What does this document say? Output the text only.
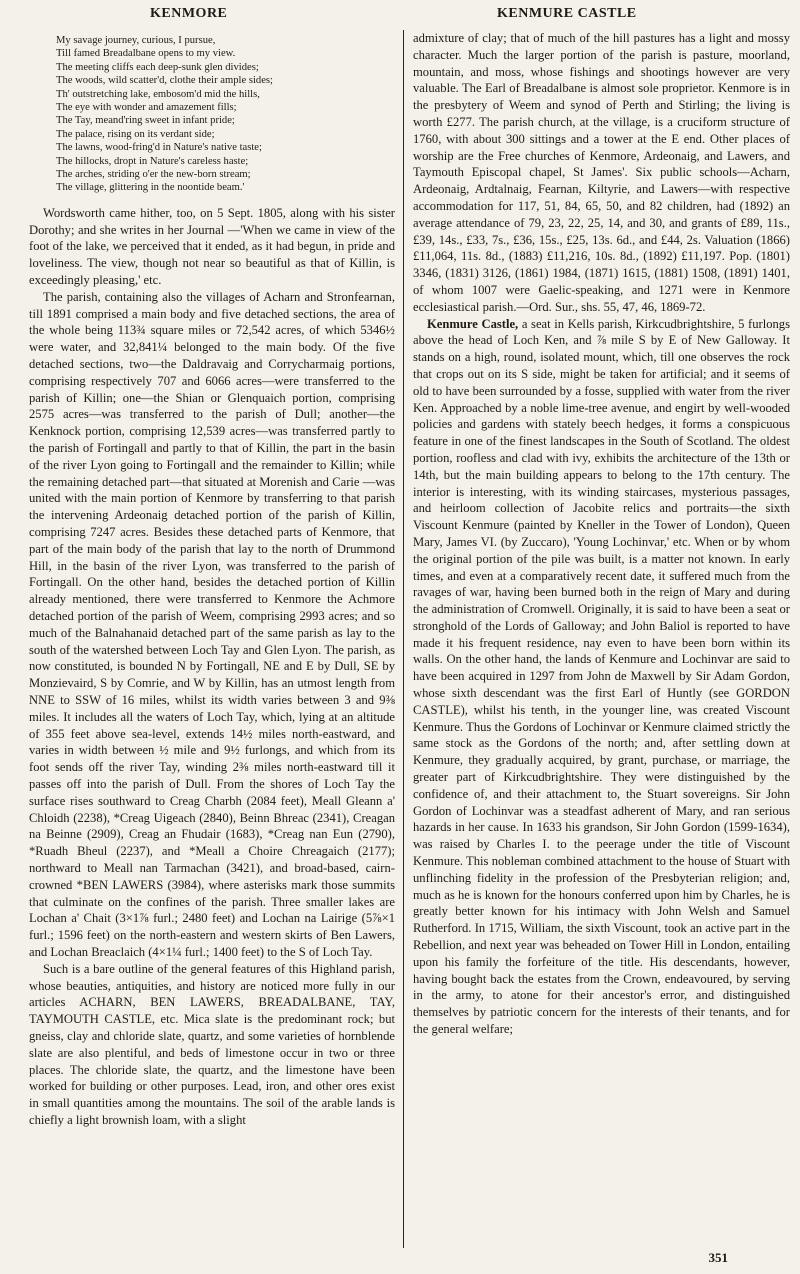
KENMORE	KENMURE CASTLE
My savage journey, curious, I pursue,
Till famed Breadalbane opens to my view.
The meeting cliffs each deep-sunk glen divides;
The woods, wild scatter'd, clothe their ample sides;
Th' outstretching lake, embosom'd mid the hills,
The eye with wonder and amazement fills;
The Tay, meand'ring sweet in infant pride;
The palace, rising on its verdant side;
The lawns, wood-fring'd in Nature's native taste;
The hillocks, dropt in Nature's careless haste;
The arches, striding o'er the new-born stream;
The village, glittering in the noontide beam.'

Wordsworth came hither, too, on 5 Sept. 1805, along with his sister Dorothy; and she writes in her Journal —'When we came in view of the foot of the lake, we perceived that it ended, as it had begun, in pride and loveliness. The view, though not near so beautiful as that of Killin, is exceedingly pleasing,' etc.

The parish, containing also the villages of Acharn and Stronfearnan, till 1891 comprised a main body and five detached sections, the area of the whole being 113¾ square miles or 72,542 acres, of which 5346½ were water, and 32,841¼ belonged to the main body. Of the five detached sections, two—the Daldravaig and Corrycharmaig portions, comprising respectively 707 and 6066 acres—were transferred to the parish of Killin; one—the Shian or Glenquaich portion, comprising 2575 acres—was transferred to the parish of Dull; another—the Kenknock portion, comprising 12,539 acres—was transferred partly to the parish of Fortingall and partly to that of Killin, the part in the basin of the river Lyon going to Fortingall and the remainder to Killin; while the remaining detached part—that situated at Morenish and Carie —was united with the main portion of Kenmore by transferring to that parish the intervening Ardeonaig detached portion of the parish of Killin, comprising 7247 acres. Besides these detached parts of Kenmore, that part of the main body of the parish that lay to the north of Drummond Hill, in the basin of the river Lyon, was transferred to the parish of Fortingall. On the other hand, besides the detached portion of Killin already mentioned, there were transferred to Kenmore the Achmore detached portion of the parish of Weem, comprising 2993 acres; and so much of the Balnahanaid detached part of the same parish as lay to the south of the watershed between Loch Tay and Glen Lyon. The parish, as now constituted, is bounded N by Fortingall, NE and E by Dull, SE by Monzievaird, S by Comrie, and W by Killin, has an utmost length from NNE to SSW of 16 miles, whilst its width varies between 3 and 9⅜ miles. It includes all the waters of Loch Tay, which, lying at an altitude of 355 feet above sea-level, extends 14½ miles north-eastward, and varies in width between ½ mile and 9½ furlongs, and which from its foot sends off the river Tay, winding 2⅜ miles north-eastward till it passes off into the parish of Dull. From the shores of Loch Tay the surface rises southward to Creag Charbh (2084 feet), Meall Gleann a' Chloidh (2238), *Creag Uigeach (2840), Beinn Bhreac (2341), Creagan na Beinne (2909), Creag an Fhudair (1683), *Creag nan Eun (2790), *Ruadh Bheul (2237), and *Meall a Choire Chreagaich (2177); northward to Meall nan Tarmachan (3421), and broad-based, cairn-crowned *BEN LAWERS (3984), where asterisks mark those summits that culminate on the confines of the parish. Three smaller lakes are Lochan a' Chait (3×1⅞ furl.; 2480 feet) and Lochan na Lairige (5⅞×1 furl.; 1596 feet) on the north-eastern and western skirts of Ben Lawers, and Lochan Breaclaich (4×1¼ furl.; 1400 feet) to the S of Loch Tay.

Such is a bare outline of the general features of this Highland parish, whose beauties, antiquities, and history are noticed more fully in our articles ACHARN, BEN LAWERS, BREADALBANE, TAY, TAYMOUTH CASTLE, etc. Mica slate is the predominant rock; but gneiss, clay and chloride slate, quartz, and some varieties of hornblende slate are also plentiful, and beds of limestone occur in two or three places. The chloride slate, the quartz, and the limestone have been worked for building or other purposes. Lead, iron, and other ores exist in small quantities among the mountains. The soil of the arable lands is chiefly a light brownish loam, with a slight

admixture of clay; that of much of the hill pastures has a light and mossy character. Much the larger portion of the parish is pasture, moorland, mountain, and moss, whose fishings and shootings however are very valuable. The Earl of Breadalbane is almost sole proprietor. Kenmore is in the presbytery of Weem and synod of Perth and Stirling; the living is worth £277. The parish church, at the village, is a cruciform structure of 1760, with about 300 sittings and a tower at the E end. Other places of worship are the Free churches of Kenmore, Ardeonaig, and Lawers, and Taymouth Episcopal chapel, St James'. Six public schools—Acharn, Ardeonaig, Ardtalnaig, Fearnan, Kiltyrie, and Lawers—with respective accommodation for 117, 51, 84, 65, 50, and 82 children, had (1892) an average attendance of 79, 23, 22, 25, 14, and 30, and grants of £89, 11s., £39, 14s., £33, 7s., £36, 15s., £25, 13s. 6d., and £44, 2s. Valuation (1866) £11,064, 11s. 8d., (1883) £11,216, 10s. 8d., (1892) £11,197. Pop. (1801) 3346, (1831) 3126, (1861) 1984, (1871) 1615, (1881) 1508, (1891) 1401, of whom 1007 were Gaelic-speaking, and 1271 were in Kenmore ecclesiastical parish.—Ord. Sur., shs. 55, 47, 46, 1869-72.

Kenmure Castle, a seat in Kells parish, Kirkcudbrightshire, 5 furlongs above the head of Loch Ken, and ⅞ mile S by E of New Galloway. It stands on a high, round, isolated mount, which, till one observes the rock that crops out on its S side, might be taken for artificial; and it seems of old to have been surrounded by a fosse, supplied with water from the river Ken. Approached by a noble lime-tree avenue, and engirt by well-wooded policies and gardens with stately beech hedges, it forms a conspicuous feature in one of the finest landscapes in the South of Scotland. The oldest portion, roofless and clad with ivy, exhibits the architecture of the 13th or 14th, but the main building appears to belong to the 17th century. The interior is interesting, with its winding staircases, mysterious passages, and heirloom collection of Jacobite relics and portraits—the sixth Viscount Kenmure (painted by Kneller in the Tower of London), Queen Mary, James VI. (by Zuccaro), 'Young Lochinvar,' etc. When or by whom the original portion of the pile was built, is a matter not known. In early times, and even at a comparatively recent date, it suffered much from the ravages of war, having been burned both in the reign of Mary and during the administration of Cromwell. Originally, it is said to have been a seat or stronghold of the Lords of Galloway; and John Baliol is reported to have made it his frequent residence, nay even to have been born within its walls. On the other hand, the lands of Kenmure and Lochinvar are said to have been acquired in 1297 from John de Maxwell by Sir Adam Gordon, whose sixth descendant was the first Earl of Huntly (see GORDON CASTLE), whilst his tenth, in the younger line, was created Viscount Kenmure. Thus the Gordons of Lochinvar or Kenmure claimed strictly the same stock as the Gordons of the north; and, after settling down at Kenmure, they gradually acquired, by grant, purchase, or marriage, the greater part of Kirkcudbrightshire. They were distinguished by the confidence of, and their attachment to, the Stuart sovereigns. Sir John Gordon of Lochinvar was a steadfast adherent of Mary, and ran serious hazards in her cause. In 1633 his grandson, Sir John Gordon (1599-1634), was raised by Charles I. to the peerage under the title of Viscount Kenmure. This nobleman combined attachment to the house of Stuart with unflinching fidelity in the profession of the Presbyterian religion; and, much as he is known for the honours conferred upon him by Charles, he is greatly better known for his intimacy with John Welsh and Samuel Rutherford. In 1715, William, the sixth Viscount, took an active part in the Rebellion, and next year was beheaded on Tower Hill in London, entailing upon his family the forfeiture of the title. His descendants, however, having bought back the estates from the Crown, endeavoured, by serving in the army, to atone for their ancestor's error, and distinguished themselves by patriotic concern for the interests of their tenants, and for the general welfare;

351
